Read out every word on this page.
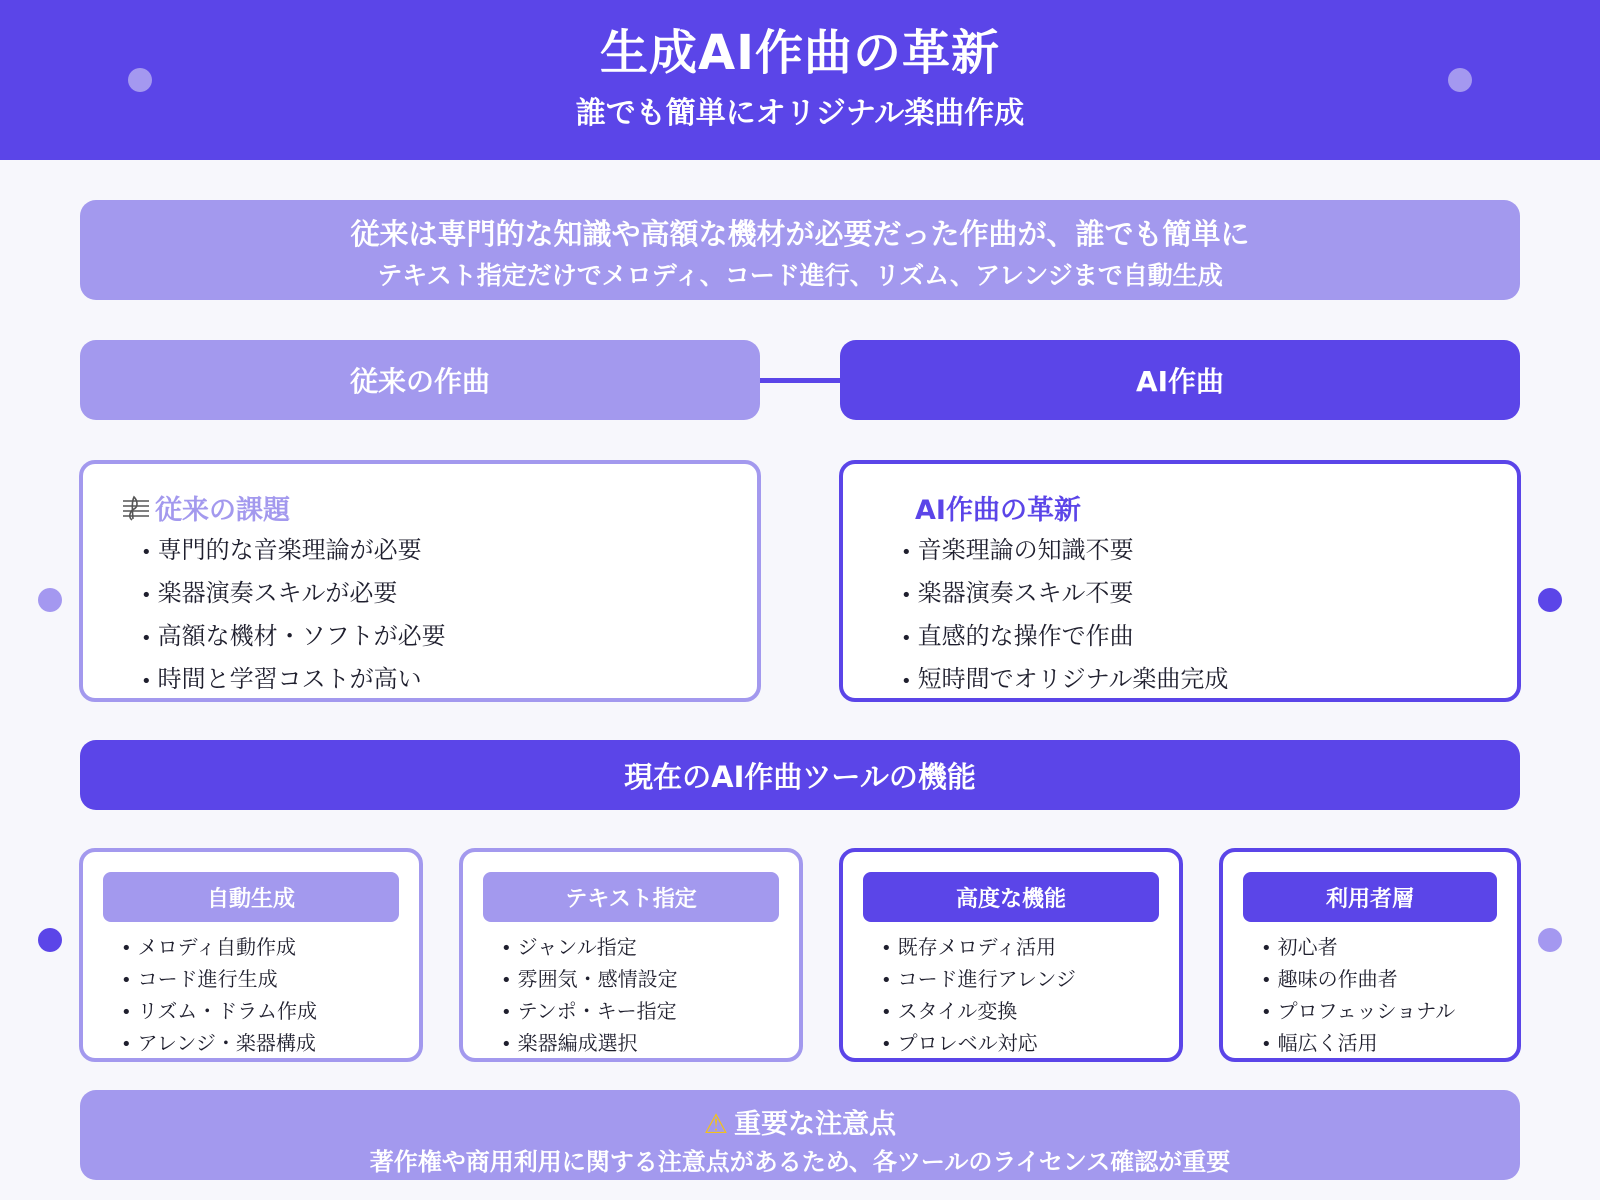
生成AI作曲の革新
誰でも簡単にオリジナル楽曲作成
従来は専門的な知識や高額な機材が必要だった作曲が、誰でも簡単に
テキスト指定だけでメロディ、コード進行、リズム、アレンジまで自動生成
従来の作曲	AI作曲
従来の課題
• 専門的な音楽理論が必要
• 楽器演奏スキルが必要
• 高額な機材・ソフトが必要
• 時間と学習コストが高い
AI作曲の革新
• 音楽理論の知識不要
• 楽器演奏スキル不要
• 直感的な操作で作曲
• 短時間でオリジナル楽曲完成
現在のAI作曲ツールの機能
自動生成
• メロディ自動作成
• コード進行生成
• リズム・ドラム作成
• アレンジ・楽器構成
テキスト指定
• ジャンル指定
• 雰囲気・感情設定
• テンポ・キー指定
• 楽器編成選択
高度な機能
• 既存メロディ活用
• コード進行アレンジ
• スタイル変換
• プロレベル対応
利用者層
• 初心者
• 趣味の作曲者
• プロフェッショナル
• 幅広く活用
⚠ 重要な注意点
著作権や商用利用に関する注意点があるため、各ツールのライセンス確認が重要
